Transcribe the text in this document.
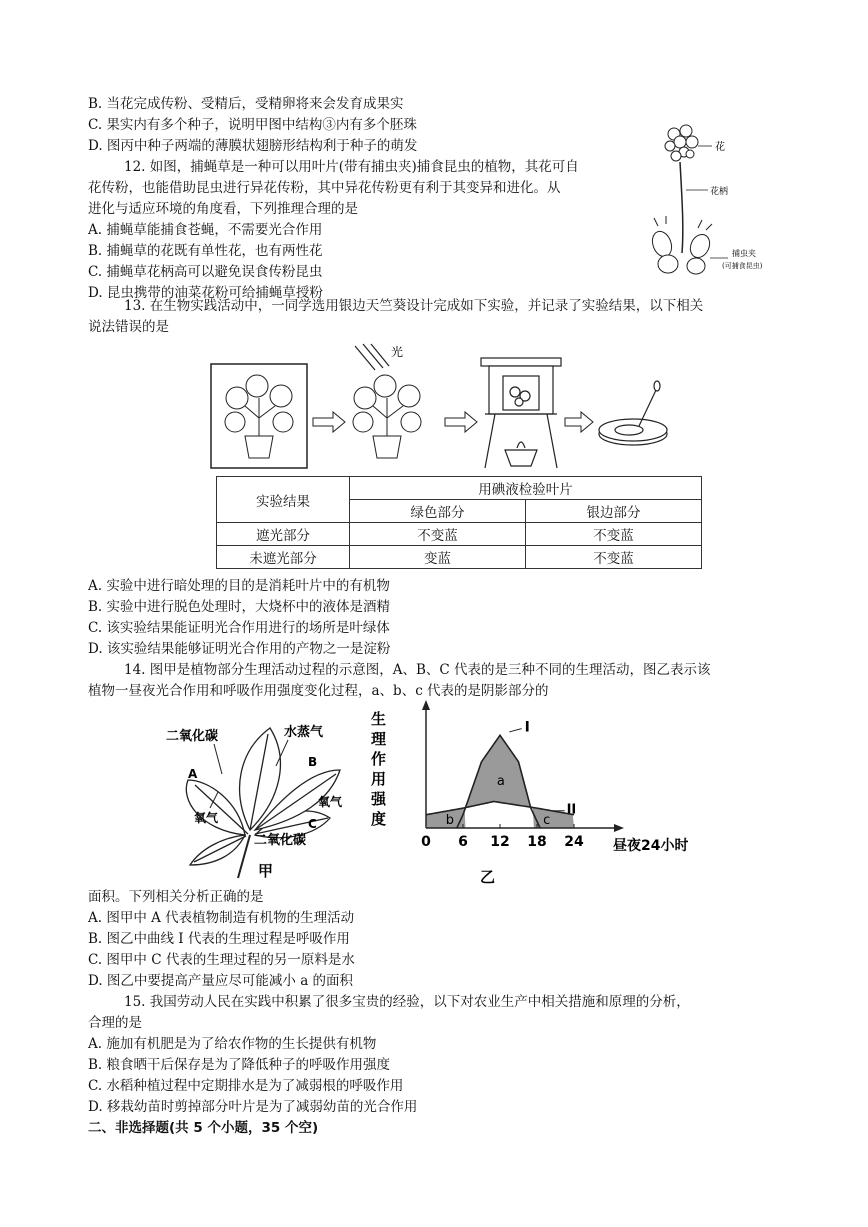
B. 当花完成传粉、受精后，受精卵将来会发育成果实
C. 果实内有多个种子，说明甲图中结构③内有多个胚珠
D. 图丙中种子两端的薄膜状翅膀形结构利于种子的萌发
12. 如图，捕蝇草是一种可以用叶片(带有捕虫夹)捕食昆虫的植物，其花可自
花传粉，也能借助昆虫进行异花传粉，其中异花传粉更有利于其变异和进化。从
进化与适应环境的角度看，下列推理合理的是
A. 捕蝇草能捕食苍蝇，不需要光合作用
B. 捕蝇草的花既有单性花，也有两性花
C. 捕蝇草花柄高可以避免误食传粉昆虫
D. 昆虫携带的油菜花粉可给捕蝇草授粉
花
花柄
捕虫夹
(可捕食昆虫)
13. 在生物实践活动中，一同学选用银边天竺葵设计完成如下实验，并记录了实验结果，以下相关
说法错误的是
光
实验结果	用碘液检验叶片	
	绿色部分	银边部分
遮光部分	不变蓝	不变蓝
未遮光部分	变蓝	不变蓝
A. 实验中进行暗处理的目的是消耗叶片中的有机物
B. 实验中进行脱色处理时，大烧杯中的液体是酒精
C. 该实验结果能证明光合作用进行的场所是叶绿体
D. 该实验结果能够证明光合作用的产物之一是淀粉
14. 图甲是植物部分生理活动过程的示意图，A、B、C 代表的是三种不同的生理活动，图乙表示该
植物一昼夜光合作用和呼吸作用强度变化过程，a、b、c 代表的是阴影部分的
二氧化碳	水蒸气
A
B
C
氧气
氧气
二氧化碳
甲
生
理
作
用
强
度
0 6 12 18 24
I
II
a
b	c
昼夜24小时
乙
面积。下列相关分析正确的是
A. 图甲中 A 代表植物制造有机物的生理活动
B. 图乙中曲线 I 代表的生理过程是呼吸作用
C. 图甲中 C 代表的生理过程的另一原料是水
D. 图乙中要提高产量应尽可能减小 a 的面积
15. 我国劳动人民在实践中积累了很多宝贵的经验，以下对农业生产中相关措施和原理的分析，
合理的是
A. 施加有机肥是为了给农作物的生长提供有机物
B. 粮食晒干后保存是为了降低种子的呼吸作用强度
C. 水稻种植过程中定期排水是为了减弱根的呼吸作用
D. 移栽幼苗时剪掉部分叶片是为了减弱幼苗的光合作用
二、非选择题(共 5 个小题，35 个空)
